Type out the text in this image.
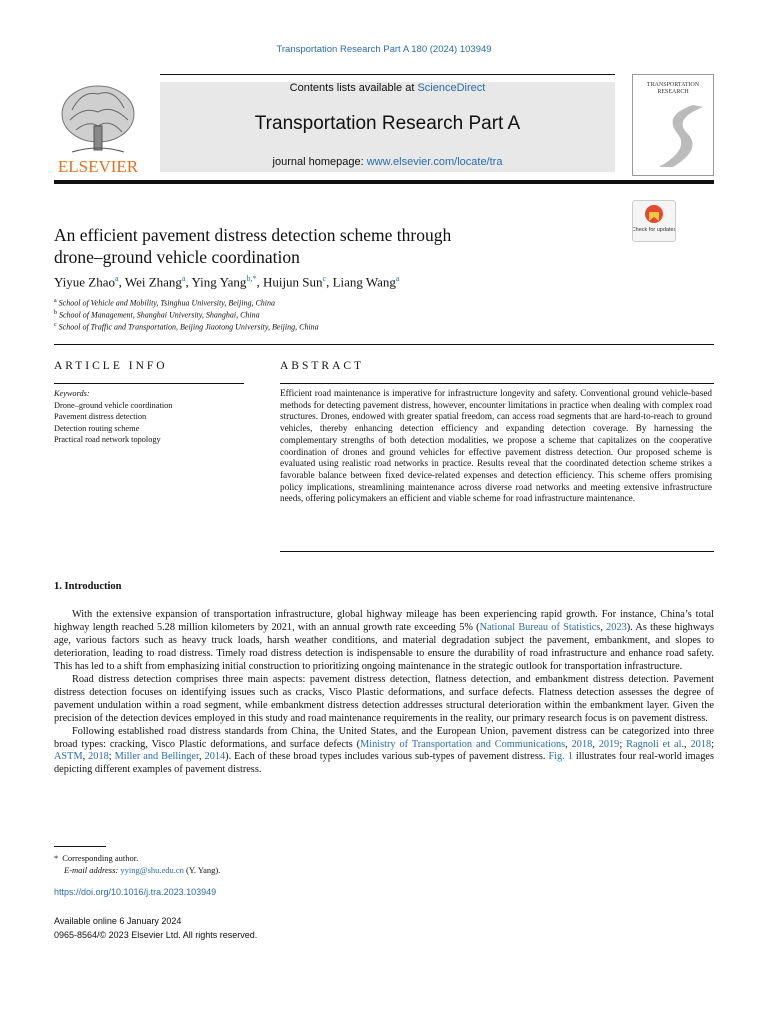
Transportation Research Part A 180 (2024) 103949
Contents lists available at ScienceDirect
Transportation Research Part A
journal homepage: www.elsevier.com/locate/tra
ELSEVIER
TRANSPORTATION
RESEARCH
Check for updates
An efficient pavement distress detection scheme through
drone–ground vehicle coordination
Yiyue Zhao$^a$, Wei Zhang$^a$, Ying Yang$^{b,*}$, Huijun Sun$^c$, Liang Wang$^a$
$^a$ School of Vehicle and Mobility, Tsinghua University, Beijing, China
$^b$ School of Management, Shanghai University, Shanghai, China
$^c$ School of Traffic and Transportation, Beijing Jiaotong University, Beijing, China
ARTICLE INFO	ABSTRACT
Keywords:
Drone–ground vehicle coordination
Pavement distress detection
Detection routing scheme
Practical road network topology
Efficient road maintenance is imperative for infrastructure longevity and safety. Conventional ground vehicle-based methods for detecting pavement distress, however, encounter limitations in practice when dealing with complex road structures. Drones, endowed with greater spatial freedom, can access road segments that are hard-to-reach to ground vehicles, thereby enhancing detection efficiency and expanding detection coverage. By harnessing the complementary strengths of both detection modalities, we propose a scheme that capitalizes on the cooperative coordination of drones and ground vehicles for effective pavement distress detection. Our proposed scheme is evaluated using realistic road networks in practice. Results reveal that the coordinated detection scheme strikes a favorable balance between fixed device-related expenses and detection efficiency. This scheme offers promising policy implications, streamlining maintenance across diverse road networks and meeting extensive infrastructure needs, offering policymakers an efficient and viable scheme for road infrastructure maintenance.
1. Introduction

With the extensive expansion of transportation infrastructure, global highway mileage has been experiencing rapid growth. For instance, China’s total highway length reached 5.28 million kilometers by 2021, with an annual growth rate exceeding 5% (National Bureau of Statistics, 2023). As these highways age, various factors such as heavy truck loads, harsh weather conditions, and material degradation subject the pavement, embankment, and slopes to deterioration, leading to road distress. Timely road distress detection is indispensable to ensure the durability of road infrastructure and enhance road safety. This has led to a shift from emphasizing initial construction to prioritizing ongoing maintenance in the strategic outlook for transportation infrastructure.

Road distress detection comprises three main aspects: pavement distress detection, flatness detection, and embankment distress detection. Pavement distress detection focuses on identifying issues such as cracks, Visco Plastic deformations, and surface defects. Flatness detection assesses the degree of pavement undulation within a road segment, while embankment distress detection addresses structural deterioration within the embankment layer. Given the precision of the detection devices employed in this study and road maintenance requirements in the reality, our primary research focus is on pavement distress.

Following established road distress standards from China, the United States, and the European Union, pavement distress can be categorized into three broad types: cracking, Visco Plastic deformations, and surface defects (Ministry of Transportation and Communications, 2018, 2019; Ragnoli et al., 2018; ASTM, 2018; Miller and Bellinger, 2014). Each of these broad types includes various sub-types of pavement distress. Fig. 1 illustrates four real-world images depicting different examples of pavement distress.

* Corresponding author.
E-mail address: yying@shu.edu.cn (Y. Yang).
https://doi.org/10.1016/j.tra.2023.103949
Available online 6 January 2024
0965-8564/© 2023 Elsevier Ltd. All rights reserved.
